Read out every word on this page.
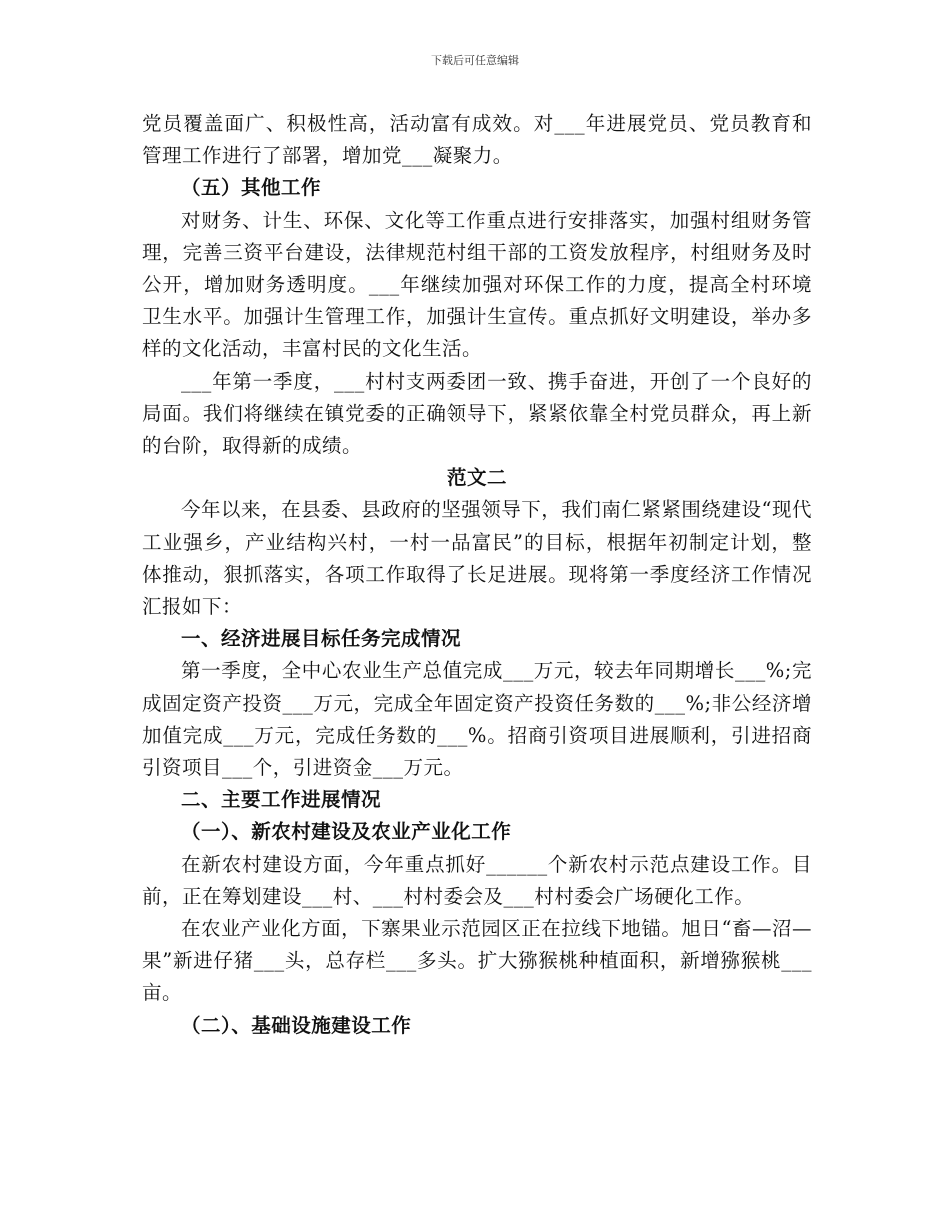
下载后可任意编辑

党员覆盖面广、积极性高，活动富有成效。对___年进展党员、党员教育和管理工作进行了部署，增加党___凝聚力。

（五）其他工作

对财务、计生、环保、文化等工作重点进行安排落实，加强村组财务管理，完善三资平台建设，法律规范村组干部的工资发放程序，村组财务及时公开，增加财务透明度。___年继续加强对环保工作的力度，提高全村环境卫生水平。加强计生管理工作，加强计生宣传。重点抓好文明建设，举办多样的文化活动，丰富村民的文化生活。

___年第一季度，___村村支两委团一致、携手奋进，开创了一个良好的局面。我们将继续在镇党委的正确领导下，紧紧依靠全村党员群众，再上新的台阶，取得新的成绩。

范文二

今年以来，在县委、县政府的坚强领导下，我们南仁紧紧围绕建设“现代工业强乡，产业结构兴村，一村一品富民”的目标，根据年初制定计划，整体推动，狠抓落实，各项工作取得了长足进展。现将第一季度经济工作情况汇报如下：

一、经济进展目标任务完成情况

第一季度，全中心农业生产总值完成___万元，较去年同期增长___%;完成固定资产投资___万元，完成全年固定资产投资任务数的___%;非公经济增加值完成___万元，完成任务数的___%。招商引资项目进展顺利，引进招商引资项目___个，引进资金___万元。

二、主要工作进展情况

（一）、新农村建设及农业产业化工作

在新农村建设方面，今年重点抓好______个新农村示范点建设工作。目前，正在筹划建设___村、___村村委会及___村村委会广场硬化工作。

在农业产业化方面，下寨果业示范园区正在拉线下地锚。旭日“畜—沼—果”新进仔猪___头，总存栏___多头。扩大猕猴桃种植面积，新增猕猴桃___亩。

（二）、基础设施建设工作
